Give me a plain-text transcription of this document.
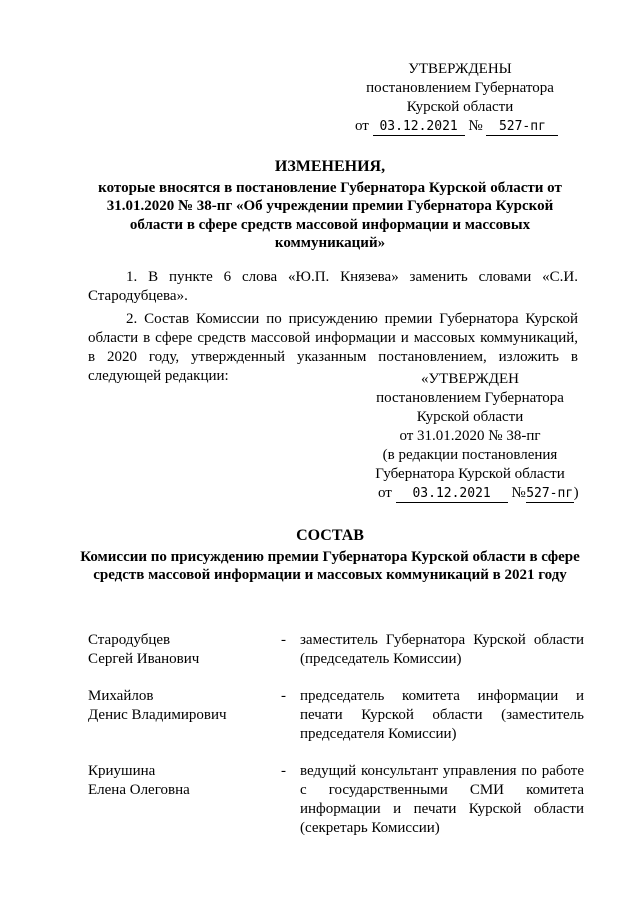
УТВЕРЖДЕНЫ
постановлением Губернатора
Курской области
от 03.12.2021 № 527-пг
ИЗМЕНЕНИЯ,
которые вносятся в постановление Губернатора Курской области от 31.01.2020 № 38-пг «Об учреждении премии Губернатора Курской области в сфере средств массовой информации и массовых коммуникаций»
1. В пункте 6 слова «Ю.П. Князева» заменить словами «С.И. Стародубцева».
2. Состав Комиссии по присуждению премии Губернатора Курской области в сфере средств массовой информации и массовых коммуникаций, в 2020 году, утвержденный указанным постановлением, изложить в следующей редакции:	«УТВЕРЖДЕН
постановлением Губернатора
Курской области
от 31.01.2020 № 38-пг
(в редакции постановления
Губернатора Курской области
от 03.12.2021 №527-пг)
СОСТАВ
Комиссии по присуждению премии Губернатора Курской области в сфере средств массовой информации и массовых коммуникаций в 2021 году
Стародубцев
Сергей Иванович
- заместитель Губернатора Курской области (председатель Комиссии)
Михайлов
Денис Владимирович
- председатель комитета информации и печати Курской области (заместитель председателя Комиссии)
Криушина
Елена Олеговна
- ведущий консультант управления по работе с государственными СМИ комитета информации и печати Курской области (секретарь Комиссии)
